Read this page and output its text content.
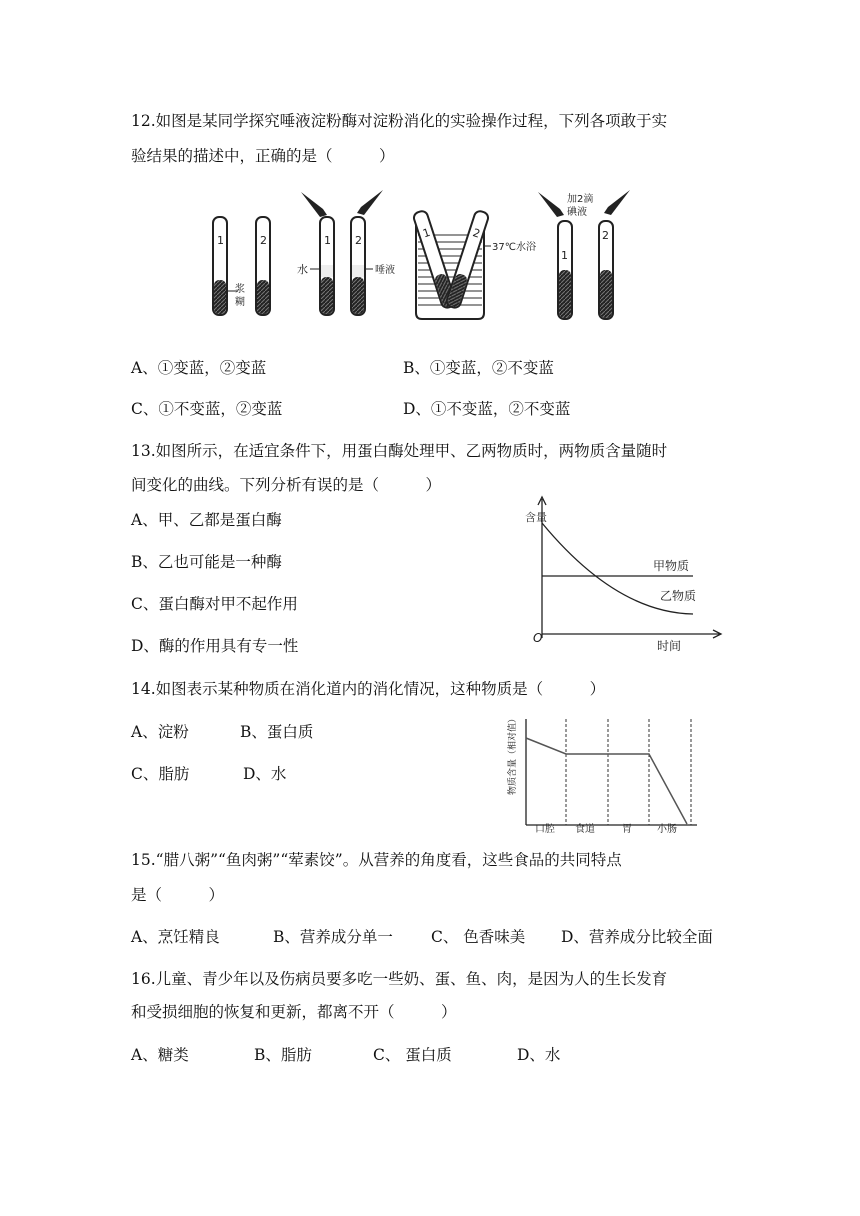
12.如图是某同学探究唾液淀粉酶对淀粉消化的实验操作过程，下列各项敢于实
验结果的描述中，正确的是（　　　）
1	2
浆
糊
1
水
2
唾液
1	2
37℃水浴
加2滴
碘液
1
2
A、①变蓝，②变蓝	B、①变蓝，②不变蓝
C、①不变蓝，②变蓝	D、①不变蓝，②不变蓝
13.如图所示，在适宜条件下，用蛋白酶处理甲、乙两物质时，两物质含量随时
间变化的曲线。下列分析有误的是（　　　）
A、甲、乙都是蛋白酶
B、乙也可能是一种酶
C、蛋白酶对甲不起作用
D、酶的作用具有专一性
含量
甲物质
乙物质
O
时间
14.如图表示某种物质在消化道内的消化情况，这种物质是（　　　）
A、淀粉	B、蛋白质
C、脂肪	D、水	物质含量（相对值）
口腔 食道	胃	小肠
15.“腊八粥”“鱼肉粥”“荤素饺”。从营养的角度看，这些食品的共同特点
是（　　　）
A、烹饪精良	B、营养成分单一 C、 色香味美 D、营养成分比较全面
16.儿童、青少年以及伤病员要多吃一些奶、蛋、鱼、肉，是因为人的生长发育
和受损细胞的恢复和更新，都离不开（　　　）
A、糖类	B、脂肪	C、 蛋白质	D、水
